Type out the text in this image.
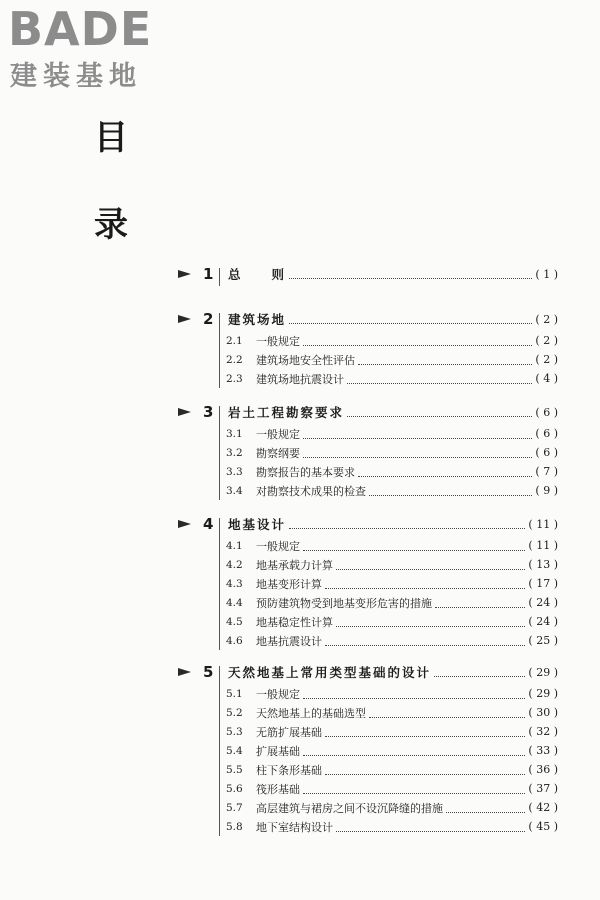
BADE
建装基地
目
录
1 总　　则	( 1 )
2 建筑场地	( 2 )
2.1	一般规定	( 2 )
2.2	建筑场地安全性评估	( 2 )
2.3	建筑场地抗震设计	( 4 )
3 岩土工程勘察要求	( 6 )
3.1	一般规定	( 6 )
3.2	勘察纲要	( 6 )
3.3	勘察报告的基本要求	( 7 )
3.4	对勘察技术成果的检查	( 9 )
4 地基设计	( 11 )
4.1	一般规定	( 11 )
4.2	地基承载力计算	( 13 )
4.3	地基变形计算	( 17 )
4.4	预防建筑物受到地基变形危害的措施	( 24 )
4.5	地基稳定性计算	( 24 )
4.6	地基抗震设计	( 25 )
5 天然地基上常用类型基础的设计	( 29 )
5.1	一般规定	( 29 )
5.2	天然地基上的基础选型	( 30 )
5.3	无筋扩展基础	( 32 )
5.4	扩展基础	( 33 )
5.5	柱下条形基础	( 36 )
5.6	筏形基础	( 37 )
5.7	高层建筑与裙房之间不设沉降缝的措施	( 42 )
5.8	地下室结构设计	( 45 )
